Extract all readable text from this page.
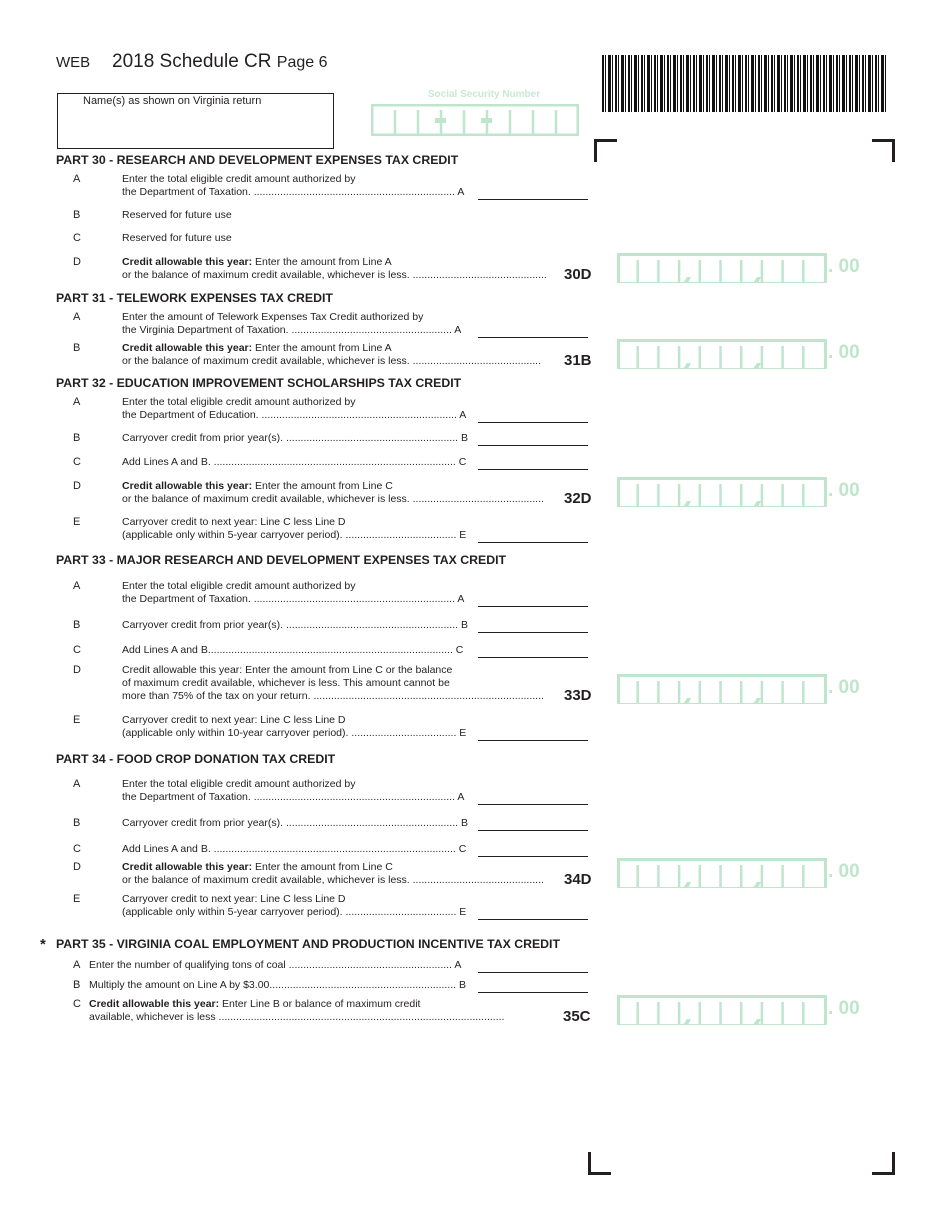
WEB 2018 Schedule CR Page 6
Name(s) as shown on Virginia return
Social Security Number
PART 30 - RESEARCH AND DEVELOPMENT EXPENSES TAX CREDIT
A	Enter the total eligible credit amount authorized by
the Department of Taxation. ..................................................................... A
B	Reserved for future use
C	Reserved for future use
D	Credit allowable this year: Enter the amount from Line A
or the balance of maximum credit available, whichever is less. ..............................................	30D	. 00
PART 31 - TELEWORK EXPENSES TAX CREDIT
A	Enter the amount of Telework Expenses Tax Credit authorized by
the Virginia Department of Taxation. ....................................................... A
B	Credit allowable this year: Enter the amount from Line A
or the balance of maximum credit available, whichever is less. ............................................	31B	. 00
PART 32 - EDUCATION IMPROVEMENT SCHOLARSHIPS TAX CREDIT
A	Enter the total eligible credit amount authorized by
the Department of Education. ................................................................... A
B	Carryover credit from prior year(s). ........................................................... B
C	Add Lines A and B. ................................................................................... C
D	Credit allowable this year: Enter the amount from Line C
or the balance of maximum credit available, whichever is less. .............................................	32D	. 00
E	Carryover credit to next year: Line C less Line D
(applicable only within 5-year carryover period). ...................................... E
PART 33 - MAJOR RESEARCH AND DEVELOPMENT EXPENSES TAX CREDIT
A	Enter the total eligible credit amount authorized by
the Department of Taxation. ..................................................................... A
B	Carryover credit from prior year(s). ........................................................... B
C	Add Lines A and B.................................................................................... C
D	Credit allowable this year: Enter the amount from Line C or the balance
of maximum credit available, whichever is less. This amount cannot be
more than 75% of the tax on your return. ...............................................................................	33D	. 00
E	Carryover credit to next year: Line C less Line D
(applicable only within 10-year carryover period). .................................... E
PART 34 - FOOD CROP DONATION TAX CREDIT
A	Enter the total eligible credit amount authorized by
the Department of Taxation. ..................................................................... A
B	Carryover credit from prior year(s). ........................................................... B
C	Add Lines A and B. ................................................................................... C
D	Credit allowable this year: Enter the amount from Line C
or the balance of maximum credit available, whichever is less. .............................................	34D	. 00
E	Carryover credit to next year: Line C less Line D
(applicable only within 5-year carryover period). ...................................... E
* PART 35 - VIRGINIA COAL EMPLOYMENT AND PRODUCTION INCENTIVE TAX CREDIT
A Enter the number of qualifying tons of coal ........................................................ A
B Multiply the amount on Line A by $3.00................................................................ B
C Credit allowable this year: Enter Line B or balance of maximum credit
available, whichever is less ..................................................................................................	35C	. 00
